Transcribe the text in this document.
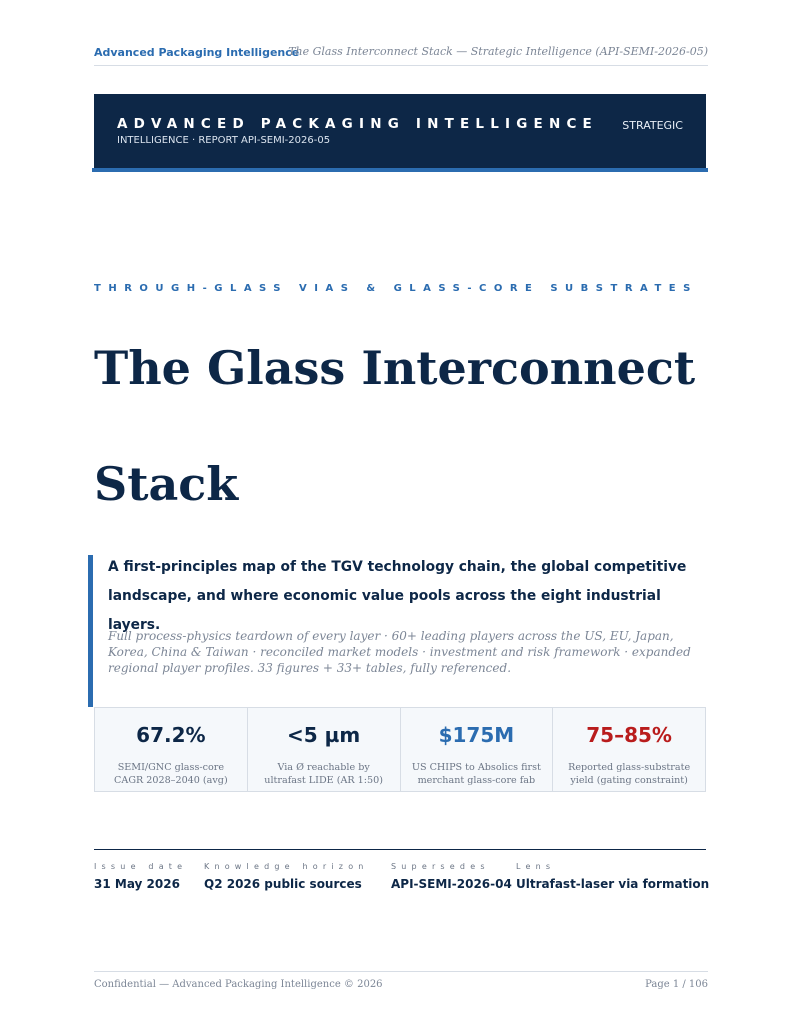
Advanced Packaging Intelligence
The Glass Interconnect Stack — Strategic Intelligence (API-SEMI-2026-05)
ADVANCED PACKAGING INTELLIGENCE STRATEGIC
INTELLIGENCE · REPORT API-SEMI-2026-05
THROUGH-GLASS VIAS & GLASS-CORE SUBSTRATES
The Glass Interconnect Stack

A first-principles map of the TGV technology chain, the global competitive landscape, and where economic value pools across the eight industrial layers.

Full process-physics teardown of every layer · 60+ leading players across the US, EU, Japan, Korea, China & Taiwan · reconciled market models · investment and risk framework · expanded regional player profiles. 33 figures + 33+ tables, fully referenced.

67.2%
SEMI/GNC glass-core CAGR 2028–2040 (avg)
<5 µm
Via Ø reachable by ultrafast LIDE (AR 1:50)
$175M
US CHIPS to Absolics first merchant glass-core fab
75–85%
Reported glass-substrate yield (gating constraint)
Issue date
31 May 2026
Knowledge horizon
Q2 2026 public sources
Supersedes
API-SEMI-2026-04
Lens
Ultrafast-laser via formation
Confidential — Advanced Packaging Intelligence © 2026	Page 1 / 106
